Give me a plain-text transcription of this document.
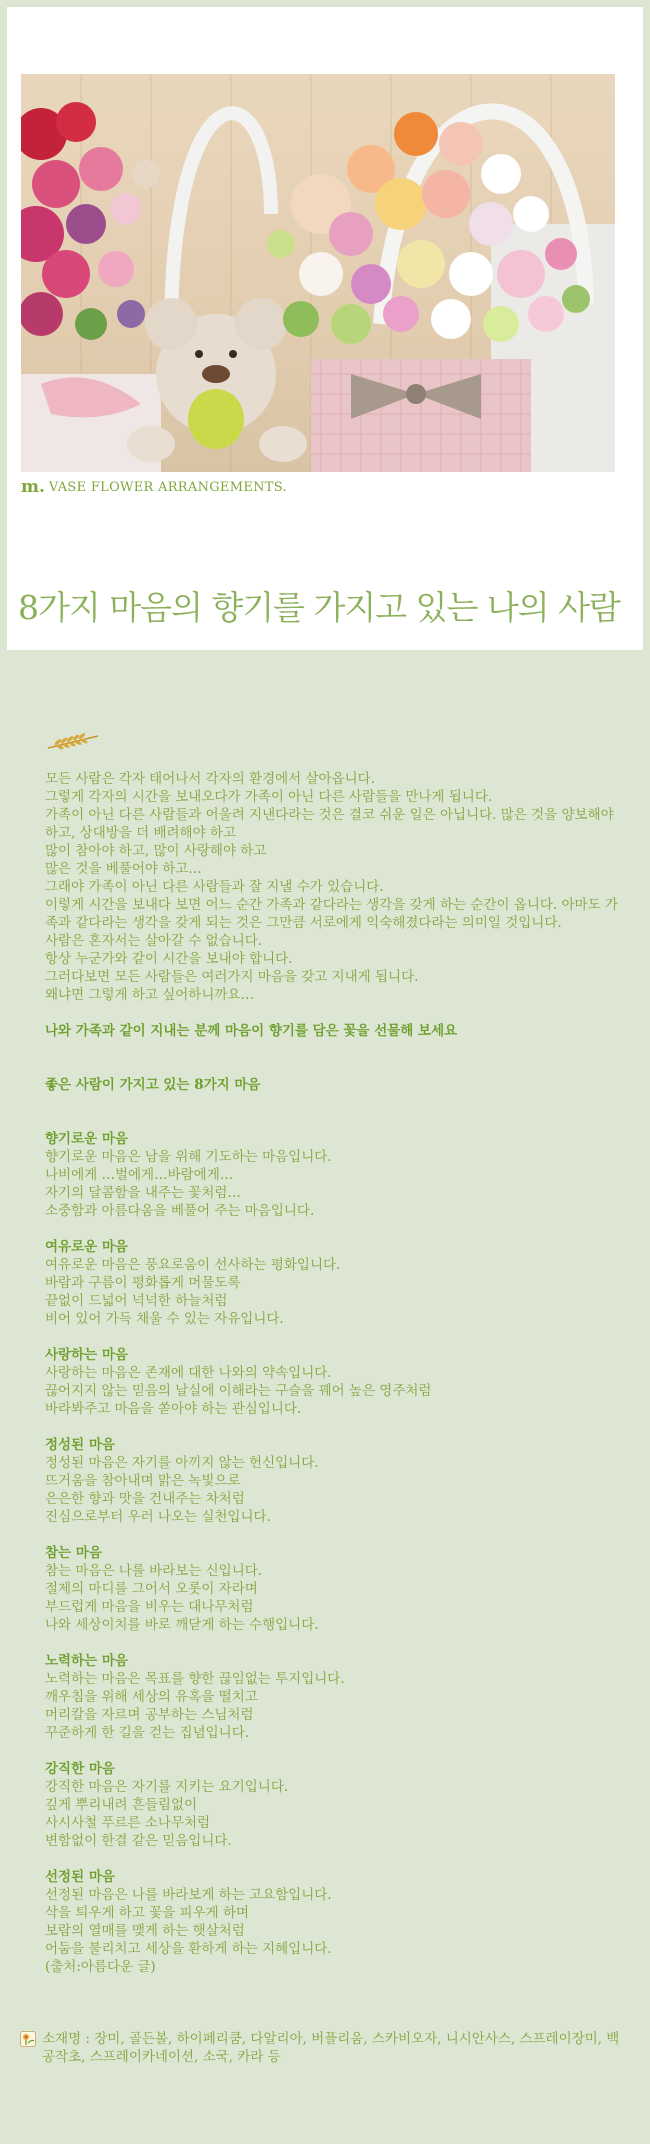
m. VASE FLOWER ARRANGEMENTS.
8가지 마음의 향기를 가지고 있는 나의 사람

모든 사람은 각자 태어나서 각자의 환경에서 살아옵니다.

그렇게 각자의 시간을 보내오다가 가족이 아닌 다른 사람들을 만나게 됩니다.

가족이 아닌 다른 사람들과 어울려 지낸다라는 것은 결코 쉬운 일은 아닙니다. 많은 것을 양보해야 하고, 상대방을 더 배려해야 하고

많이 참아야 하고, 많이 사랑해야 하고

많은 것을 베풀어야 하고…

그래야 가족이 아닌 다른 사람들과 잘 지낼 수가 있습니다.

이렇게 시간을 보내다 보면 어느 순간 가족과 같다라는 생각을 갖게 하는 순간이 옵니다. 아마도 가족과 같다라는 생각을 갖게 되는 것은 그만큼 서로에게 익숙해졌다라는 의미일 것입니다.

사람은 혼자서는 살아갈 수 없습니다.

항상 누군가와 같이 시간을 보내야 합니다.

그러다보면 모든 사람들은 여러가지 마음을 갖고 지내게 됩니다.

왜냐면 그렇게 하고 싶어하니까요…

나와 가족과 같이 지내는 분께 마음이 향기를 담은 꽃을 선물해 보세요

좋은 사람이 가지고 있는 8가지 마음

향기로운 마음

향기로운 마음은 남을 위해 기도하는 마음입니다.

나비에게 …벌에게…바람에게…

자기의 달콤함을 내주는 꽃처럼…

소중함과 아름다움을 베풀어 주는 마음입니다.

여유로운 마음

여유로운 마음은 풍요로움이 선사하는 평화입니다.

바람과 구름이 평화롭게 머물도록

끝없이 드넓어 넉넉한 하늘처럼

비어 있어 가득 채울 수 있는 자유입니다.

사랑하는 마음

사랑하는 마음은 존재에 대한 나와의 약속입니다.

끊어지지 않는 믿음의 날실에 이해라는 구슬을 꿰어 높은 영주처럼

바라봐주고 마음을 쏟아야 하는 관심입니다.

정성된 마음

정성된 마음은 자기를 아끼지 않는 헌신입니다.

뜨거움을 참아내며 맑은 녹빛으로

은은한 향과 맛을 건내주는 차처럼

진심으로부터 우러 나오는 실천입니다.

참는 마음

참는 마음은 나를 바라보는 신입니다.

절제의 마디를 그어서 오롯이 자라며

부드럽게 마음을 비우는 대나무처럼

나와 세상이치를 바로 깨닫게 하는 수행입니다.

노력하는 마음

노력하는 마음은 목표를 향한 끊임없는 투지입니다.

깨우침을 위해 세상의 유혹을 떨치고

머리칼을 자르며 공부하는 스님처럼

꾸준하게 한 길을 걷는 집념입니다.

강직한 마음

강직한 마음은 자기를 지키는 요기입니다.

깊게 뿌리내려 흔들림없이

사시사철 푸르른 소나무처럼

변함없이 한결 같은 믿음입니다.

선정된 마음

선정된 마음은 나를 바라보게 하는 고요함입니다.

삭을 틔우게 하고 꽃을 피우게 하며

보람의 열매를 맺게 하는 햇살처럼

어둠을 불리치고 세상을 환하게 하는 지혜입니다.

(출처:아름다운 글)

소재명 : 장미, 골든볼, 하이페리쿰, 다알리아, 버플리움, 스카비오자, 니시안사스, 스프레이장미, 백공작초, 스프레이카네이션, 소국, 카라 등
